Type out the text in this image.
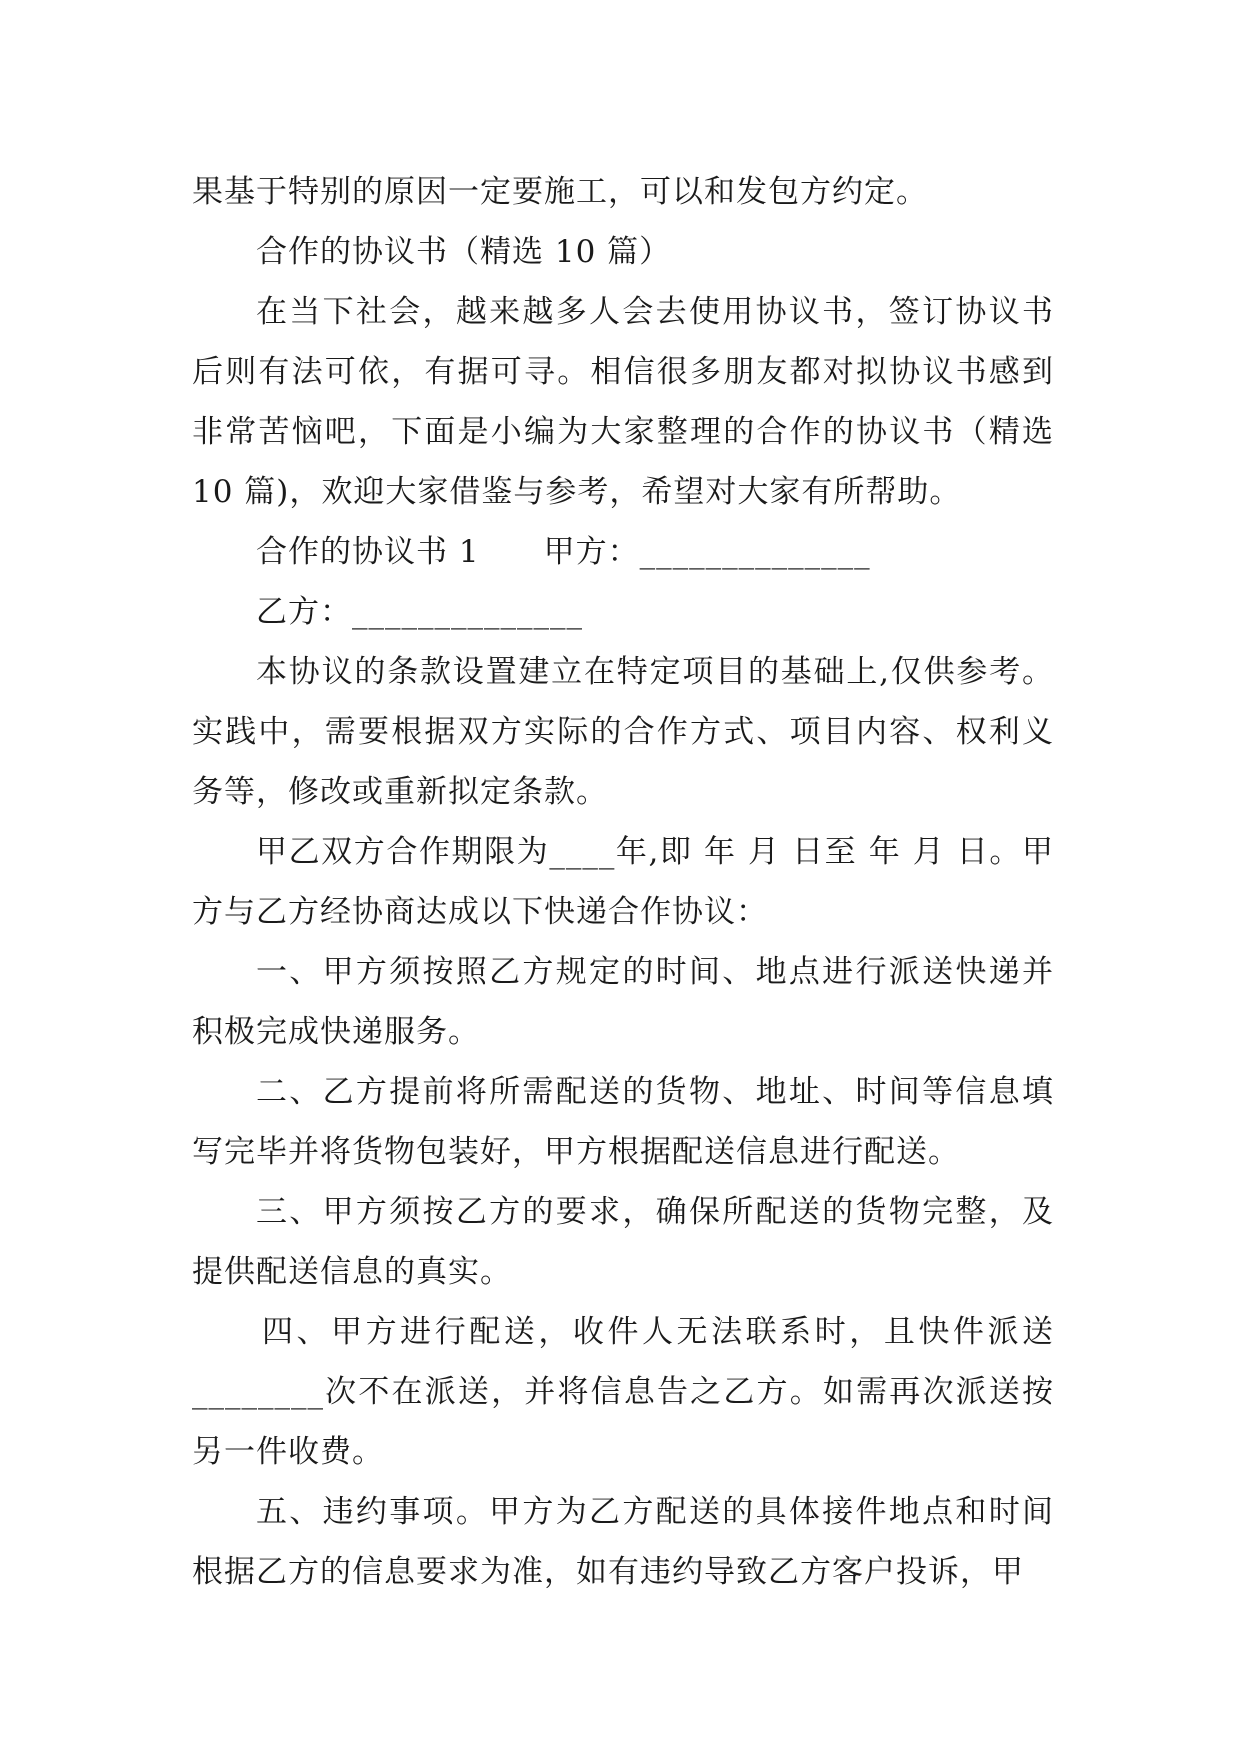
果基于特别的原因一定要施工，可以和发包方约定。

合作的协议书（精选 10 篇）

在当下社会，越来越多人会去使用协议书，签订协议书后则有法可依，有据可寻。相信很多朋友都对拟协议书感到非常苦恼吧，下面是小编为大家整理的合作的协议书（精选 10 篇)，欢迎大家借鉴与参考，希望对大家有所帮助。

合作的协议书 1　　甲方：______________

乙方：______________

本协议的条款设置建立在特定项目的基础上,仅供参考。实践中，需要根据双方实际的合作方式、项目内容、权利义务等，修改或重新拟定条款。

甲乙双方合作期限为____年,即 年 月 日至 年 月 日。甲方与乙方经协商达成以下快递合作协议：

一、甲方须按照乙方规定的时间、地点进行派送快递并积极完成快递服务。

二、乙方提前将所需配送的货物、地址、时间等信息填写完毕并将货物包装好，甲方根据配送信息进行配送。

三、甲方须按乙方的要求，确保所配送的货物完整，及提供配送信息的真实。

四、甲方进行配送，收件人无法联系时，且快件派送________次不在派送，并将信息告之乙方。如需再次派送按另一件收费。

五、违约事项。甲方为乙方配送的具体接件地点和时间根据乙方的信息要求为准，如有违约导致乙方客户投诉，甲
